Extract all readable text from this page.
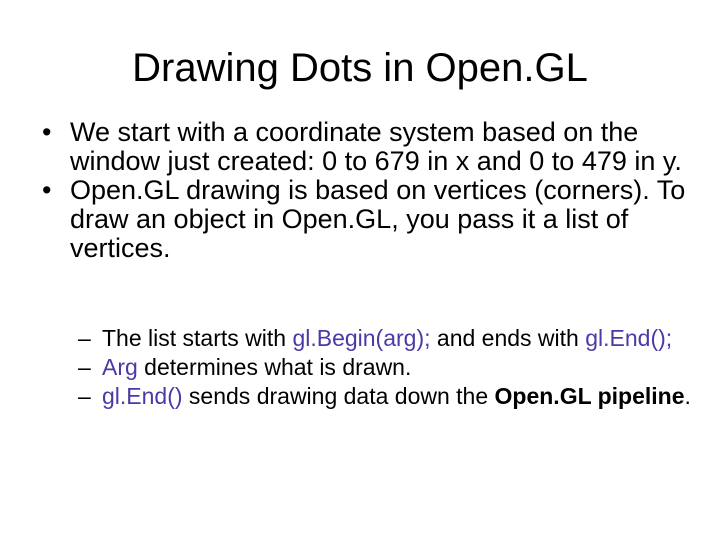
Drawing Dots in Open.GL
• We start with a coordinate system based on the window just created: 0 to 679 in x and 0 to 479 in y.
• Open.GL drawing is based on vertices (corners). To draw an object in Open.GL, you pass it a list of vertices.
– The list starts with gl.Begin(arg); and ends with gl.End();
– Arg determines what is drawn.
– gl.End() sends drawing data down the Open.GL pipeline.
